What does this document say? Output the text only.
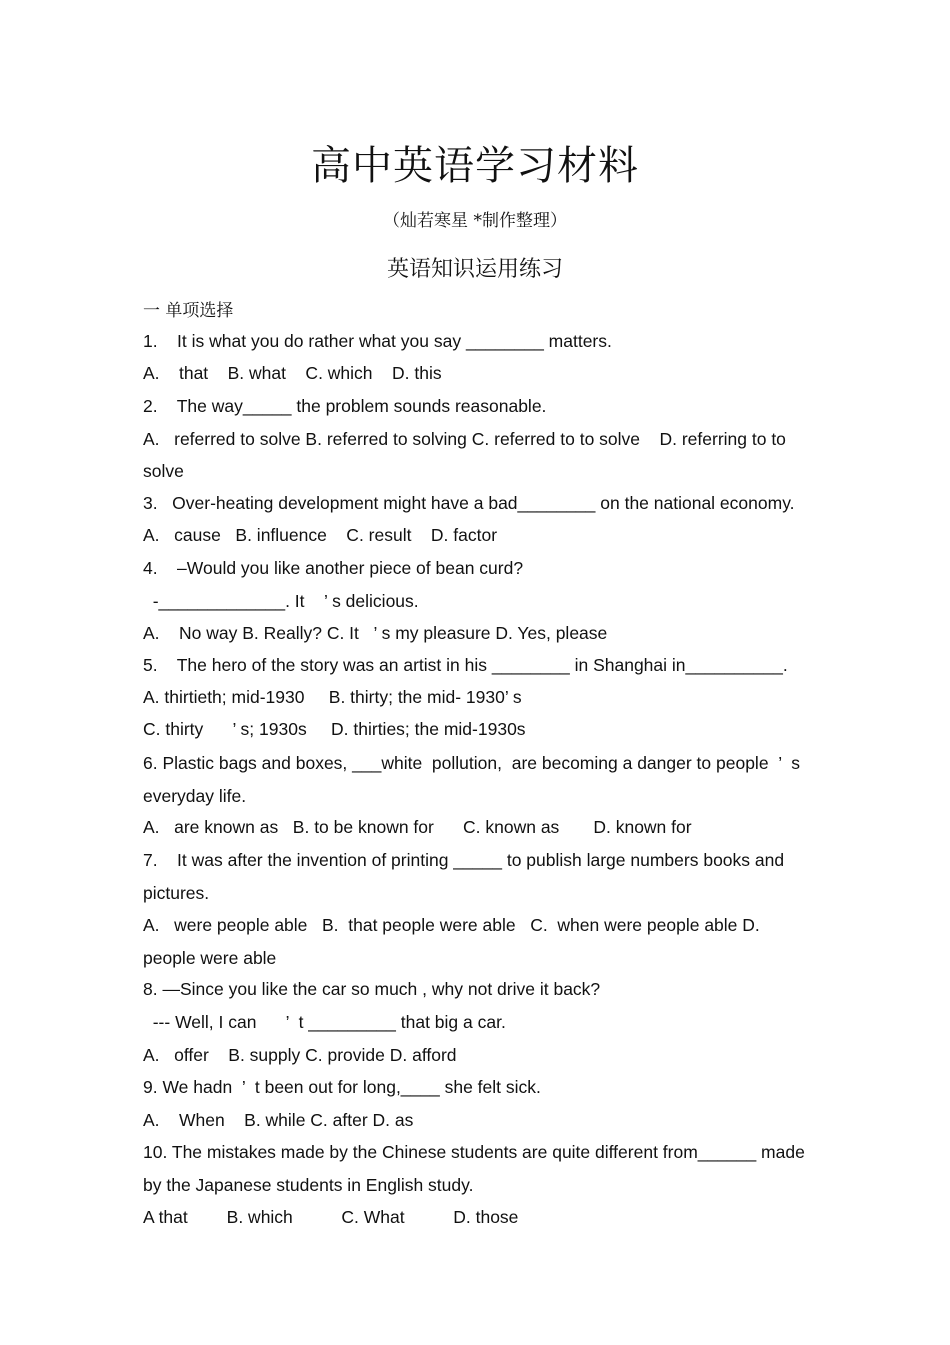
高中英语学习材料
（灿若寒星 *制作整理）
英语知识运用练习
一 单项选择
1.    It is what you do rather what you say ________ matters.
A.    that    B. what    C. which    D. this
2.    The way_____ the problem sounds reasonable.
A.   referred to solve B. referred to solving C. referred to to solve    D. referring to to
solve
3.   Over-heating development might have a bad________ on the national economy.
A.   cause   B. influence    C. result    D. factor
4.    –Would you like another piece of bean curd?
-_____________. It    ’ s delicious.
A.    No way B. Really? C. It   ’ s my pleasure D. Yes, please
5.    The hero of the story was an artist in his ________ in Shanghai in__________.
A. thirtieth; mid-1930     B. thirty; the mid- 1930’ s
C. thirty      ’ s; 1930s     D. thirties; the mid-1930s
6. Plastic bags and boxes, ___white  pollution,  are becoming a danger to people  ’  s
everyday life.
A.   are known as   B. to be known for      C. known as       D. known for
7.    It was after the invention of printing _____ to publish large numbers books and
pictures.
A.   were people able   B.  that people were able   C.  when were people able D.
people were able
8. —Since you like the car so much , why not drive it back?
--- Well, I can      ’  t _________ that big a car.
A.   offer    B. supply C. provide D. afford
9. We hadn  ’  t been out for long,____ she felt sick.
A.    When    B. while C. after D. as
10. The mistakes made by the Chinese students are quite different from______ made
by the Japanese students in English study.
A that        B. which          C. What          D. those
